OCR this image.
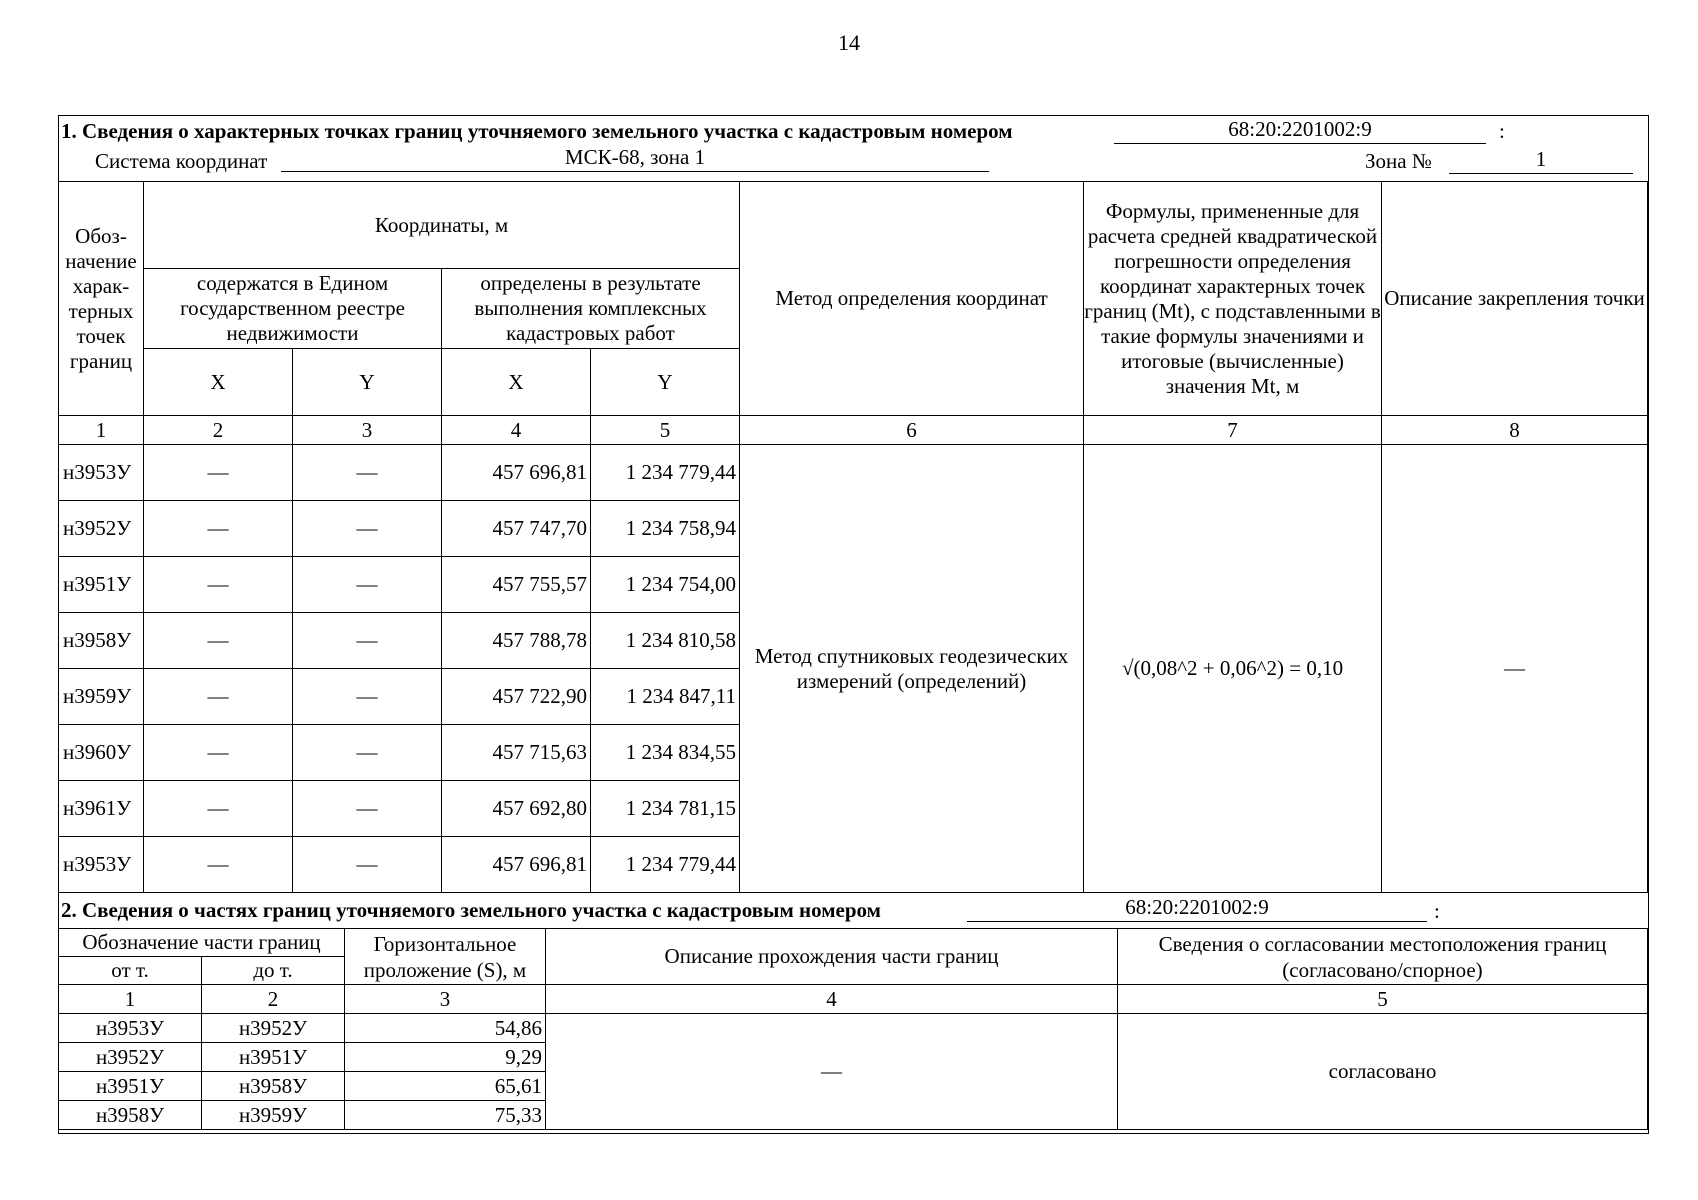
14
1. Сведения о характерных точках границ уточняемого земельного участка с кадастровым номером	68:20:2201002:9	:
Система координат	МСК-68, зона 1	Зона №	1
Обоз-начение харак-терных точек границ	Координаты, м				Метод определения координат	Формулы, примененные для расчета средней квадратической погрешности определения координат характерных точек границ (Mt), с подставленными в такие формулы значениями и итоговые (вычисленные) значения Mt, м	Описание закрепления точки
	содержатся в Едином государственном реестре недвижимости		определены в результате выполнения комплексных кадастровых работ				
	X	Y	X	Y			
1	2	3	4	5	6	7	8
н3953У	—	—	457 696,81	1 234 779,44	Метод спутниковых геодезических измерений (определений)	√(0,08^2 + 0,06^2) = 0,10	—
н3952У	—	—	457 747,70	1 234 758,94			
н3951У	—	—	457 755,57	1 234 754,00			
н3958У	—	—	457 788,78	1 234 810,58			
н3959У	—	—	457 722,90	1 234 847,11			
н3960У	—	—	457 715,63	1 234 834,55			
н3961У	—	—	457 692,80	1 234 781,15			
н3953У	—	—	457 696,81	1 234 779,44			
2. Сведения о частях границ уточняемого земельного участка с кадастровым номером	68:20:2201002:9	:
Обозначение части границ		Горизонтальное проложение (S), м	Описание прохождения части границ	Сведения о согласовании местоположения границ (согласовано/спорное)
от т.	до т.			
1	2	3	4	5
н3953У	н3952У	54,86	—	согласовано
н3952У	н3951У	9,29		
н3951У	н3958У	65,61		
н3958У	н3959У	75,33		
